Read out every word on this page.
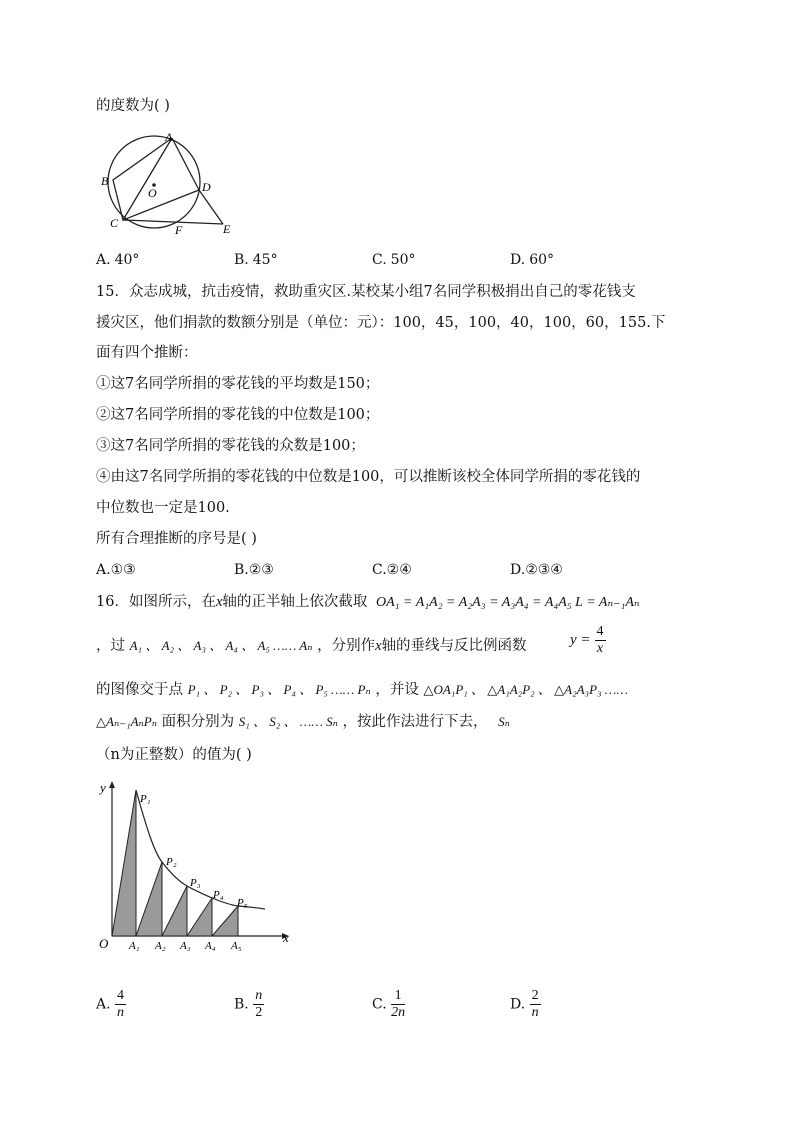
的度数为( )
A
B
C
D
E
F
O
A. 40°	B. 45°	C. 50°	D. 60°
15．众志成城，抗击疫情，救助重灾区.某校某小组7名同学积极捐出自己的零花钱支
援灾区，他们捐款的数额分别是（单位：元）：100，45，100，40，100，60，155.下
面有四个推断：
①这7名同学所捐的零花钱的平均数是150；
②这7名同学所捐的零花钱的中位数是100；
③这7名同学所捐的零花钱的众数是100；
④由这7名同学所捐的零花钱的中位数是100，可以推断该校全体同学所捐的零花钱的
中位数也一定是100.
所有合理推断的序号是( )
A.①③	B.②③	C.②④	D.②③④
16．如图所示，在x轴的正半轴上依次截取 OA₁ = A₁A₂ = A₂A₃ = A₃A₄ = A₄A₅ L = Aₙ₋₁Aₙ
，过 A₁ 、 A₂ 、 A₃ 、 A₄ 、 A₅ …… Aₙ ，分别作x轴的垂线与反比例函数	$y = \frac{4}{x}$
的图像交于点 P₁ 、 P₂ 、 P₃ 、 P₄ 、 P₅ …… Pₙ ，并设 △OA₁P₁ 、 △A₁A₂P₂ 、 △A₂A₃P₃ ……
△Aₙ₋₁AₙPₙ 面积分别为 S₁ 、 S₂ 、 …… Sₙ ，按此作法进行下去， Sₙ
（n为正整数）的值为( )
y
x
O A₁ A₂ A₃ A₄ A₅
P₁
P₂
P₃
P₄
P₅
A. $\frac{4}{n}$	B. $\frac{n}{2}$	C. $\frac{1}{2n}$	D. $\frac{2}{n}$
